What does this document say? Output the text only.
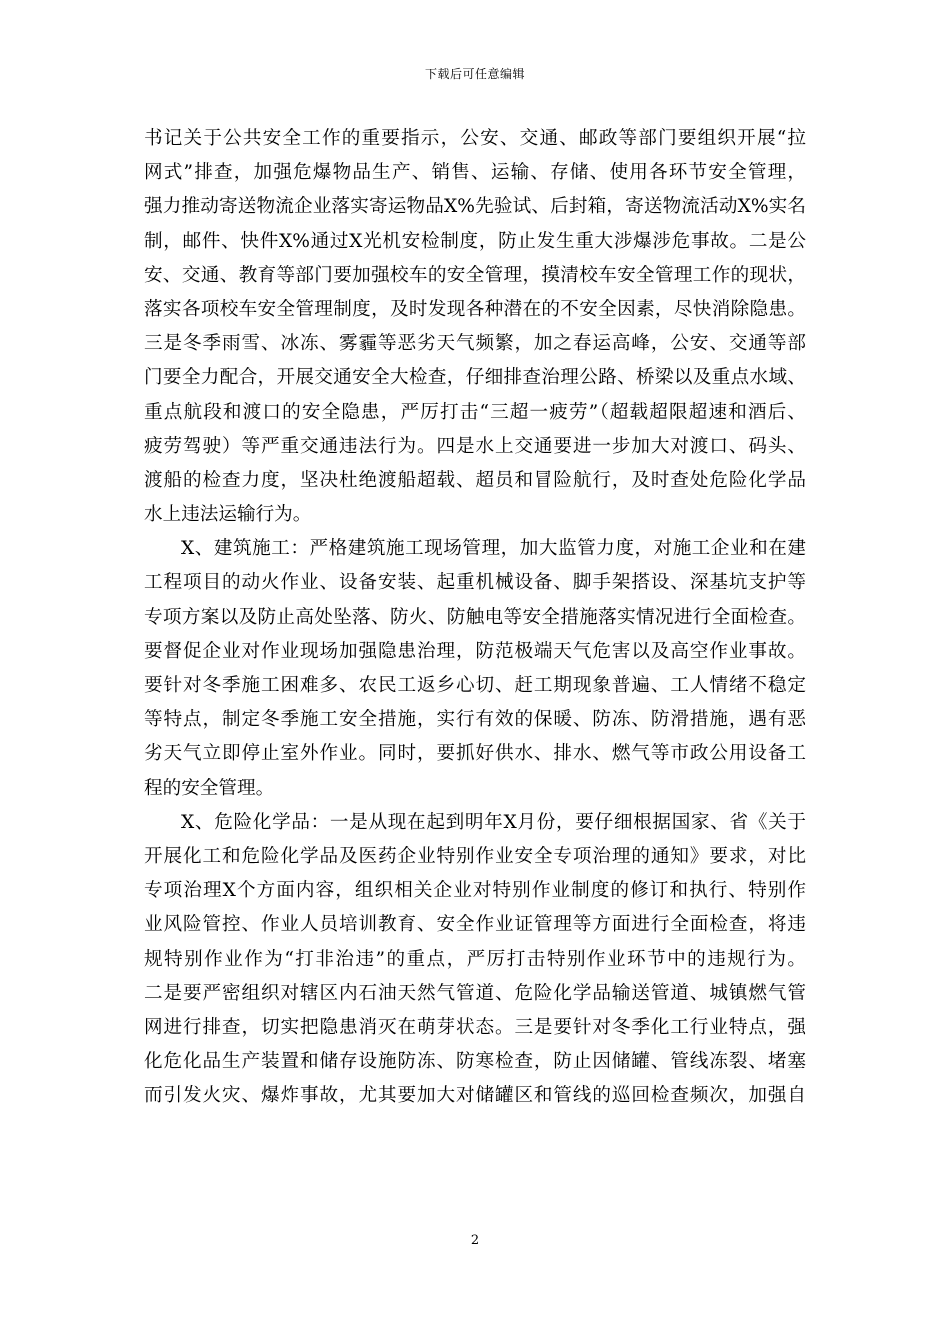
下载后可任意编辑
书记关于公共安全工作的重要指示，公安、交通、邮政等部门要组织开展“拉
网式”排查，加强危爆物品生产、销售、运输、存储、使用各环节安全管理，
强力推动寄送物流企业落实寄运物品X%先验试、后封箱，寄送物流活动X%实名
制，邮件、快件X%通过X光机安检制度，防止发生重大涉爆涉危事故。二是公
安、交通、教育等部门要加强校车的安全管理，摸清校车安全管理工作的现状，
落实各项校车安全管理制度，及时发现各种潜在的不安全因素，尽快消除隐患。
三是冬季雨雪、冰冻、雾霾等恶劣天气频繁，加之春运高峰，公安、交通等部
门要全力配合，开展交通安全大检查，仔细排查治理公路、桥梁以及重点水域、
重点航段和渡口的安全隐患，严厉打击“三超一疲劳”（超载超限超速和酒后、
疲劳驾驶）等严重交通违法行为。四是水上交通要进一步加大对渡口、码头、
渡船的检查力度，坚决杜绝渡船超载、超员和冒险航行，及时查处危险化学品
水上违法运输行为。
X、建筑施工：严格建筑施工现场管理，加大监管力度，对施工企业和在建
工程项目的动火作业、设备安装、起重机械设备、脚手架搭设、深基坑支护等
专项方案以及防止高处坠落、防火、防触电等安全措施落实情况进行全面检查。
要督促企业对作业现场加强隐患治理，防范极端天气危害以及高空作业事故。
要针对冬季施工困难多、农民工返乡心切、赶工期现象普遍、工人情绪不稳定
等特点，制定冬季施工安全措施，实行有效的保暖、防冻、防滑措施，遇有恶
劣天气立即停止室外作业。同时，要抓好供水、排水、燃气等市政公用设备工
程的安全管理。
X、危险化学品：一是从现在起到明年X月份，要仔细根据国家、省《关于
开展化工和危险化学品及医药企业特别作业安全专项治理的通知》要求，对比
专项治理X个方面内容，组织相关企业对特别作业制度的修订和执行、特别作
业风险管控、作业人员培训教育、安全作业证管理等方面进行全面检查，将违
规特别作业作为“打非治违”的重点，严厉打击特别作业环节中的违规行为。
二是要严密组织对辖区内石油天然气管道、危险化学品输送管道、城镇燃气管
网进行排查，切实把隐患消灭在萌芽状态。三是要针对冬季化工行业特点，强
化危化品生产装置和储存设施防冻、防寒检查，防止因储罐、管线冻裂、堵塞
而引发火灾、爆炸事故，尤其要加大对储罐区和管线的巡回检查频次，加强自
2
